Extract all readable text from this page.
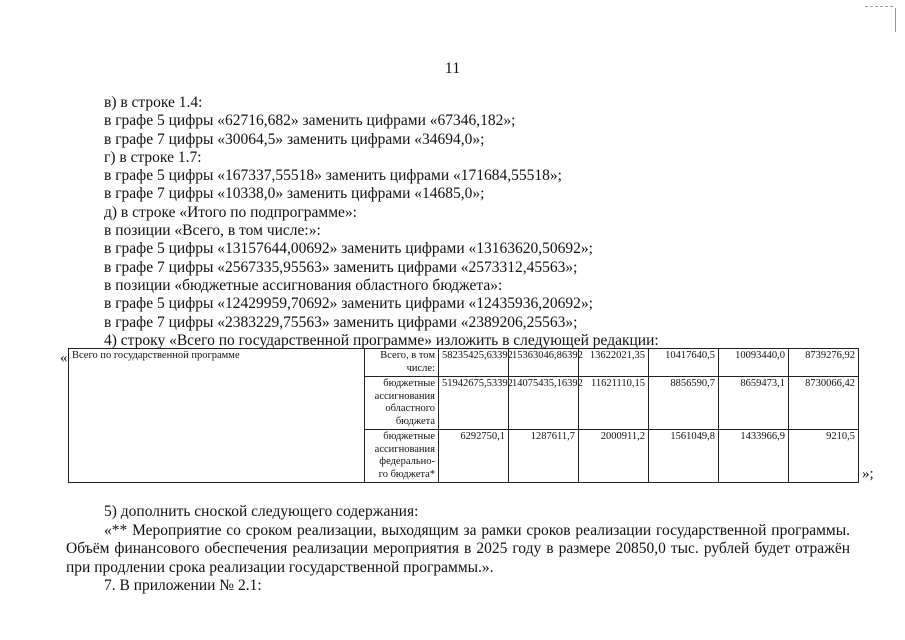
11
в) в строке 1.4:
в графе 5 цифры «62716,682» заменить цифрами «67346,182»;
в графе 7 цифры «30064,5» заменить цифрами «34694,0»;
г) в строке 1.7:
в графе 5 цифры «167337,55518» заменить цифрами «171684,55518»;
в графе 7 цифры «10338,0» заменить цифрами «14685,0»;
д) в строке «Итого по подпрограмме»:
в позиции «Всего, в том числе:»:
в графе 5 цифры «13157644,00692» заменить цифрами «13163620,50692»;
в графе 7 цифры «2567335,95563» заменить цифрами «2573312,45563»;
в позиции «бюджетные ассигнования областного бюджета»:
в графе 5 цифры «12429959,70692» заменить цифрами «12435936,20692»;
в графе 7 цифры «2383229,75563» заменить цифрами «2389206,25563»;
4) строку «Всего по государственной программе» изложить в следующей редакции:
« Всего по государственной программе	Всего, в том числе:	58235425,63392	15363046,86392	13622021,35	10417640,5	10093440,0	8739276,92
	бюджетные ассигнования областного бюджета	51942675,53392	14075435,16392	11621110,15	8856590,7	8659473,1	8730066,42
	бюджетные ассигнования федерально- го бюджета*	6292750,1	1287611,7	2000911,2	1561049,8	1433966,9	9210,5
»;
5) дополнить сноской следующего содержания:
«** Мероприятие со сроком реализации, выходящим за рамки сроков реализации государственной программы. Объём финансового обеспечения реализации мероприятия в 2025 году в размере 20850,0 тыс. рублей будет отражён при продлении срока реализации государственной программы.».
7. В приложении № 2.1:
